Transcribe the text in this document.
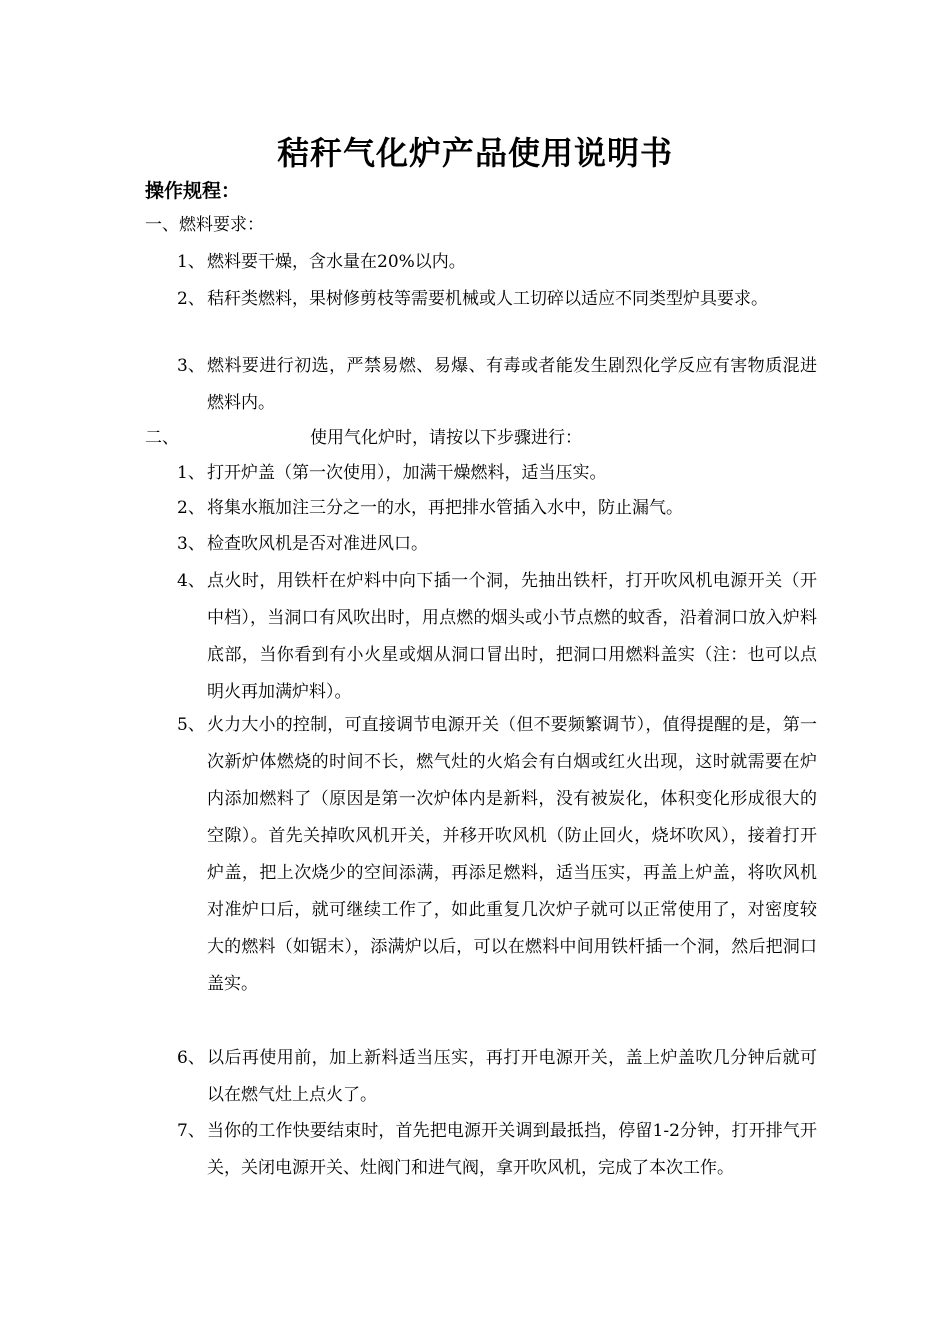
秸秆气化炉产品使用说明书
操作规程：
一、燃料要求：
1、 燃料要干燥，含水量在20%以内。
2、 秸秆类燃料，果树修剪枝等需要机械或人工切碎以适应不同类型炉具要求。
3、 燃料要进行初选，严禁易燃、易爆、有毒或者能发生剧烈化学反应有害物质混进燃料内。
二、	使用气化炉时，请按以下步骤进行：
1、 打开炉盖（第一次使用），加满干燥燃料，适当压实。
2、 将集水瓶加注三分之一的水，再把排水管插入水中，防止漏气。
3、 检查吹风机是否对准进风口。
4、 点火时，用铁杆在炉料中向下插一个洞，先抽出铁杆，打开吹风机电源开关（开中档），当洞口有风吹出时，用点燃的烟头或小节点燃的蚊香，沿着洞口放入炉料底部，当你看到有小火星或烟从洞口冒出时，把洞口用燃料盖实（注：也可以点明火再加满炉料）。
5、 火力大小的控制，可直接调节电源开关（但不要频繁调节），值得提醒的是，第一次新炉体燃烧的时间不长，燃气灶的火焰会有白烟或红火出现，这时就需要在炉内添加燃料了（原因是第一次炉体内是新料，没有被炭化，体积变化形成很大的空隙）。首先关掉吹风机开关，并移开吹风机（防止回火，烧坏吹风），接着打开炉盖，把上次烧少的空间添满，再添足燃料，适当压实，再盖上炉盖，将吹风机对准炉口后，就可继续工作了，如此重复几次炉子就可以正常使用了，对密度较大的燃料（如锯末），添满炉以后，可以在燃料中间用铁杆插一个洞，然后把洞口盖实。
6、 以后再使用前，加上新料适当压实，再打开电源开关，盖上炉盖吹几分钟后就可以在燃气灶上点火了。
7、 当你的工作快要结束时，首先把电源开关调到最抵挡，停留1-2分钟，打开排气开关，关闭电源开关、灶阀门和进气阀，拿开吹风机，完成了本次工作。
